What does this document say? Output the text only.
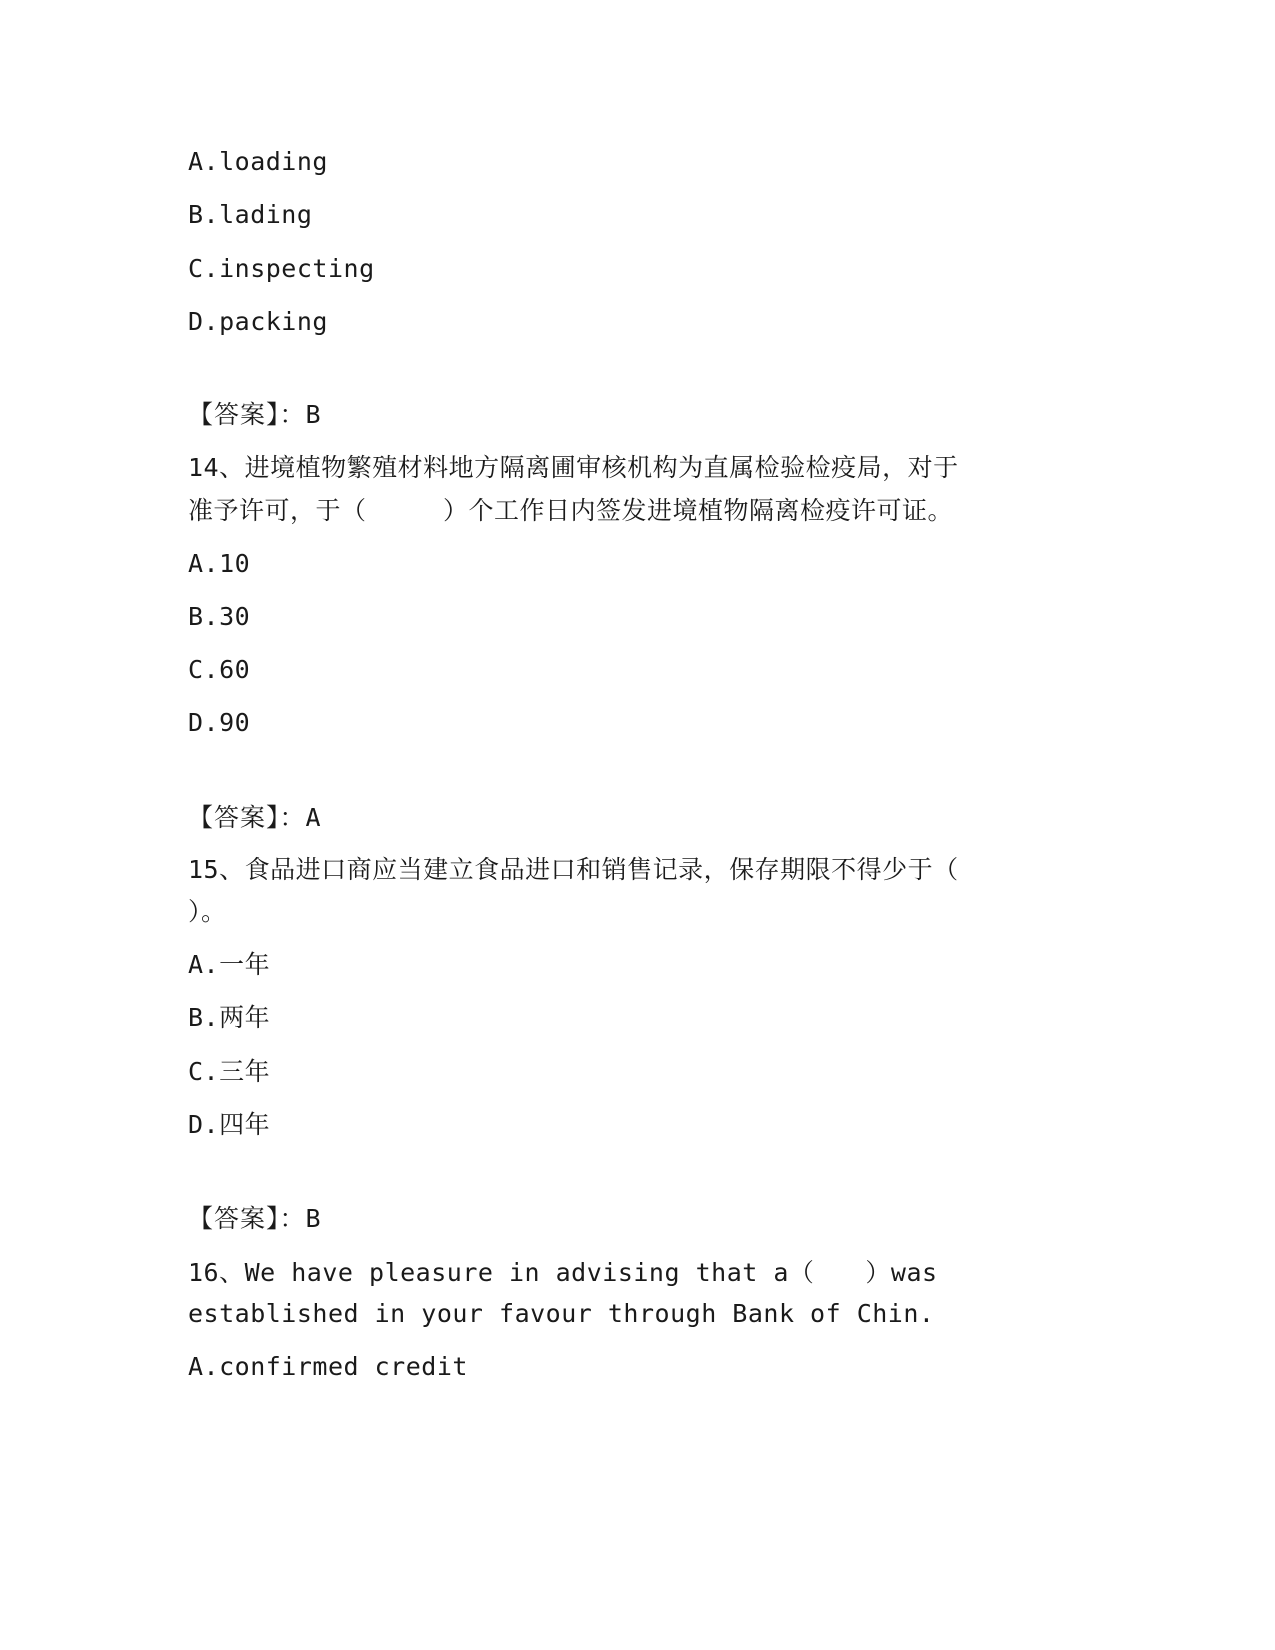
A.loading
B.lading
C.inspecting
D.packing
【答案】：B
14、进境植物繁殖材料地方隔离圃审核机构为直属检验检疫局，对于
准予许可，于（　　　）个工作日内签发进境植物隔离检疫许可证。
A.10
B.30
C.60
D.90
【答案】：A
15、食品进口商应当建立食品进口和销售记录，保存期限不得少于（
）。
A.一年
B.两年
C.三年
D.四年
【答案】：B
16、We have pleasure in advising that a（　　）was
established in your favour through Bank of Chin.
A.confirmed credit
